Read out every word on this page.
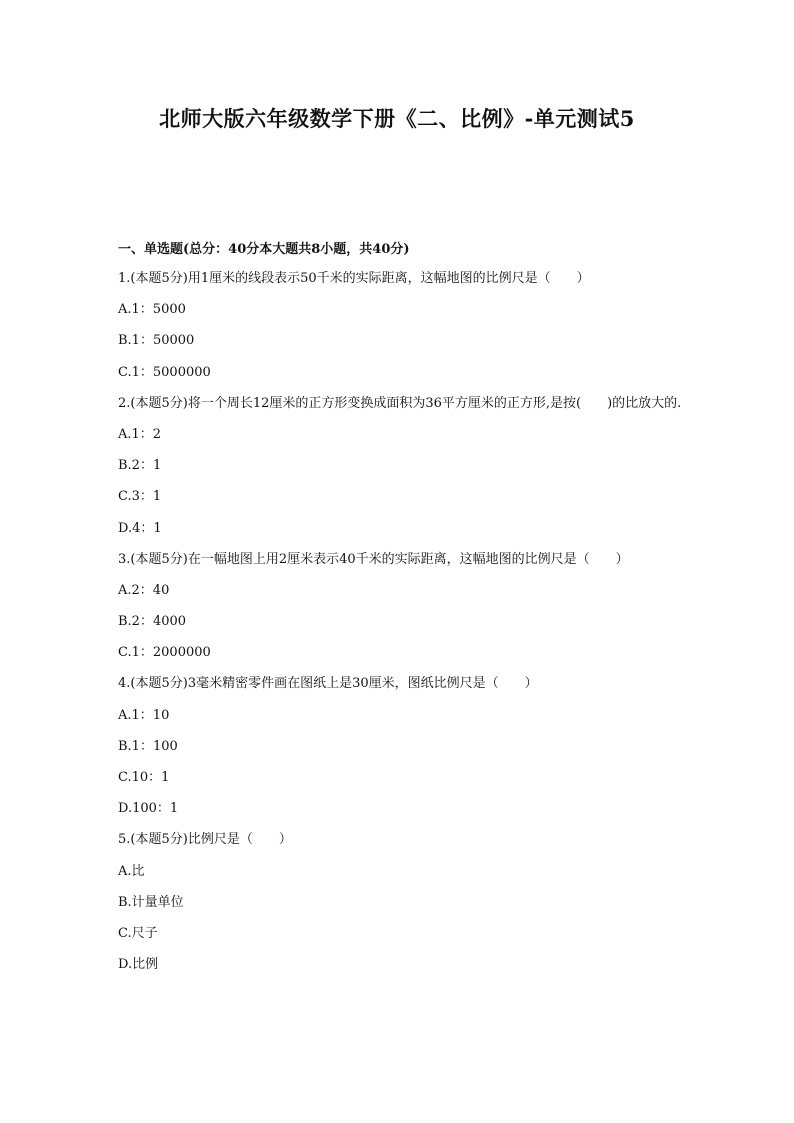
北师大版六年级数学下册《二、比例》-单元测试5
一、单选题(总分：40分本大题共8小题，共40分)
1.(本题5分)用1厘米的线段表示50千米的实际距离，这幅地图的比例尺是（　　）
A.1：5000
B.1：50000
C.1：5000000
2.(本题5分)将一个周长12厘米的正方形变换成面积为36平方厘米的正方形,是按(　　)的比放大的.
A.1：2
B.2：1
C.3：1
D.4：1
3.(本题5分)在一幅地图上用2厘米表示40千米的实际距离，这幅地图的比例尺是（　　）
A.2：40
B.2：4000
C.1：2000000
4.(本题5分)3毫米精密零件画在图纸上是30厘米，图纸比例尺是（　　）
A.1：10
B.1：100
C.10：1
D.100：1
5.(本题5分)比例尺是（　　）
A.比
B.计量单位
C.尺子
D.比例
